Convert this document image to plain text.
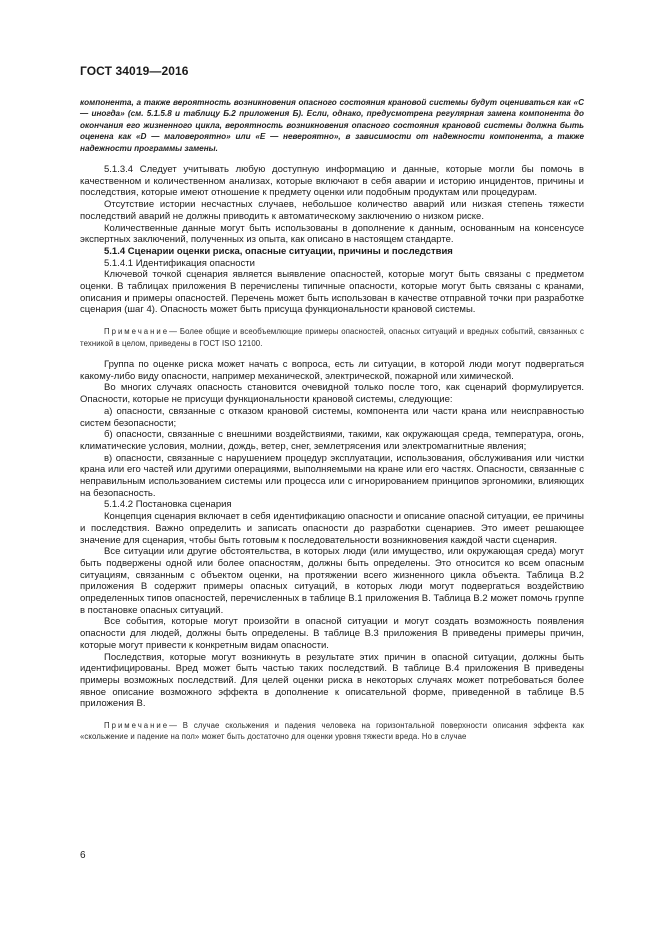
ГОСТ 34019—2016

компонента, а также вероятность возникновения опасного состояния крановой системы будут оцениваться как «С — иногда» (см. 5.1.5.8 и таблицу Б.2 приложения Б). Если, однако, предусмотрена регулярная замена компонента до окончания его жизненного цикла, вероятность возникновения опасного состояния крановой системы должна быть оценена как «D — маловероятно» или «Е — невероятно», в зависимости от надежности компонента, а также надежности программы замены.

5.1.3.4 Следует учитывать любую доступную информацию и данные, которые могли бы помочь в качественном и количественном анализах, которые включают в себя аварии и историю инцидентов, причины и последствия, которые имеют отношение к предмету оценки или подобным продуктам или процедурам.

Отсутствие истории несчастных случаев, небольшое количество аварий или низкая степень тяжести последствий аварий не должны приводить к автоматическому заключению о низком риске.

Количественные данные могут быть использованы в дополнение к данным, основанным на консенсусе экспертных заключений, полученных из опыта, как описано в настоящем стандарте.

5.1.4 Сценарии оценки риска, опасные ситуации, причины и последствия

5.1.4.1 Идентификация опасности

Ключевой точкой сценария является выявление опасностей, которые могут быть связаны с предметом оценки. В таблицах приложения В перечислены типичные опасности, которые могут быть связаны с кранами, описания и примеры опасностей. Перечень может быть использован в качестве отправной точки при разработке сценария (шаг 4). Опасность может быть присуща функциональности крановой системы.

Примечание— Более общие и всеобъемлющие примеры опасностей, опасных ситуаций и вредных событий, связанных с техникой в целом, приведены в ГОСТ ISO 12100.

Группа по оценке риска может начать с вопроса, есть ли ситуации, в которой люди могут подвергаться какому-либо виду опасности, например механической, электрической, пожарной или химической.

Во многих случаях опасность становится очевидной только после того, как сценарий формулируется. Опасности, которые не присущи функциональности крановой системы, следующие:

а) опасности, связанные с отказом крановой системы, компонента или части крана или неисправностью систем безопасности;

б) опасности, связанные с внешними воздействиями, такими, как окружающая среда, температура, огонь, климатические условия, молнии, дождь, ветер, снег, землетрясения или электромагнитные явления;

в) опасности, связанные с нарушением процедур эксплуатации, использования, обслуживания или чистки крана или его частей или другими операциями, выполняемыми на кране или его частях. Опасности, связанные с неправильным использованием системы или процесса или с игнорированием принципов эргономики, влияющих на безопасность.

5.1.4.2 Постановка сценария

Концепция сценария включает в себя идентификацию опасности и описание опасной ситуации, ее причины и последствия. Важно определить и записать опасности до разработки сценариев. Это имеет решающее значение для сценария, чтобы быть готовым к последовательности возникновения каждой части сценария.

Все ситуации или другие обстоятельства, в которых люди (или имущество, или окружающая среда) могут быть подвержены одной или более опасностям, должны быть определены. Это относится ко всем опасным ситуациям, связанным с объектом оценки, на протяжении всего жизненного цикла объекта. Таблица В.2 приложения В содержит примеры опасных ситуаций, в которых люди могут подвергаться воздействию определенных типов опасностей, перечисленных в таблице В.1 приложения В. Таблица В.2 может помочь группе в постановке опасных ситуаций.

Все события, которые могут произойти в опасной ситуации и могут создать возможность появления опасности для людей, должны быть определены. В таблице В.3 приложения В приведены примеры причин, которые могут привести к конкретным видам опасности.

Последствия, которые могут возникнуть в результате этих причин в опасной ситуации, должны быть идентифицированы. Вред может быть частью таких последствий. В таблице В.4 приложения В приведены примеры возможных последствий. Для целей оценки риска в некоторых случаях может потребоваться более явное описание возможного эффекта в дополнение к описательной форме, приведенной в таблице В.5 приложения В.

Примечание— В случае скольжения и падения человека на горизонтальной поверхности описания эффекта как «скольжение и падение на пол» может быть достаточно для оценки уровня тяжести вреда. Но в случае

6
